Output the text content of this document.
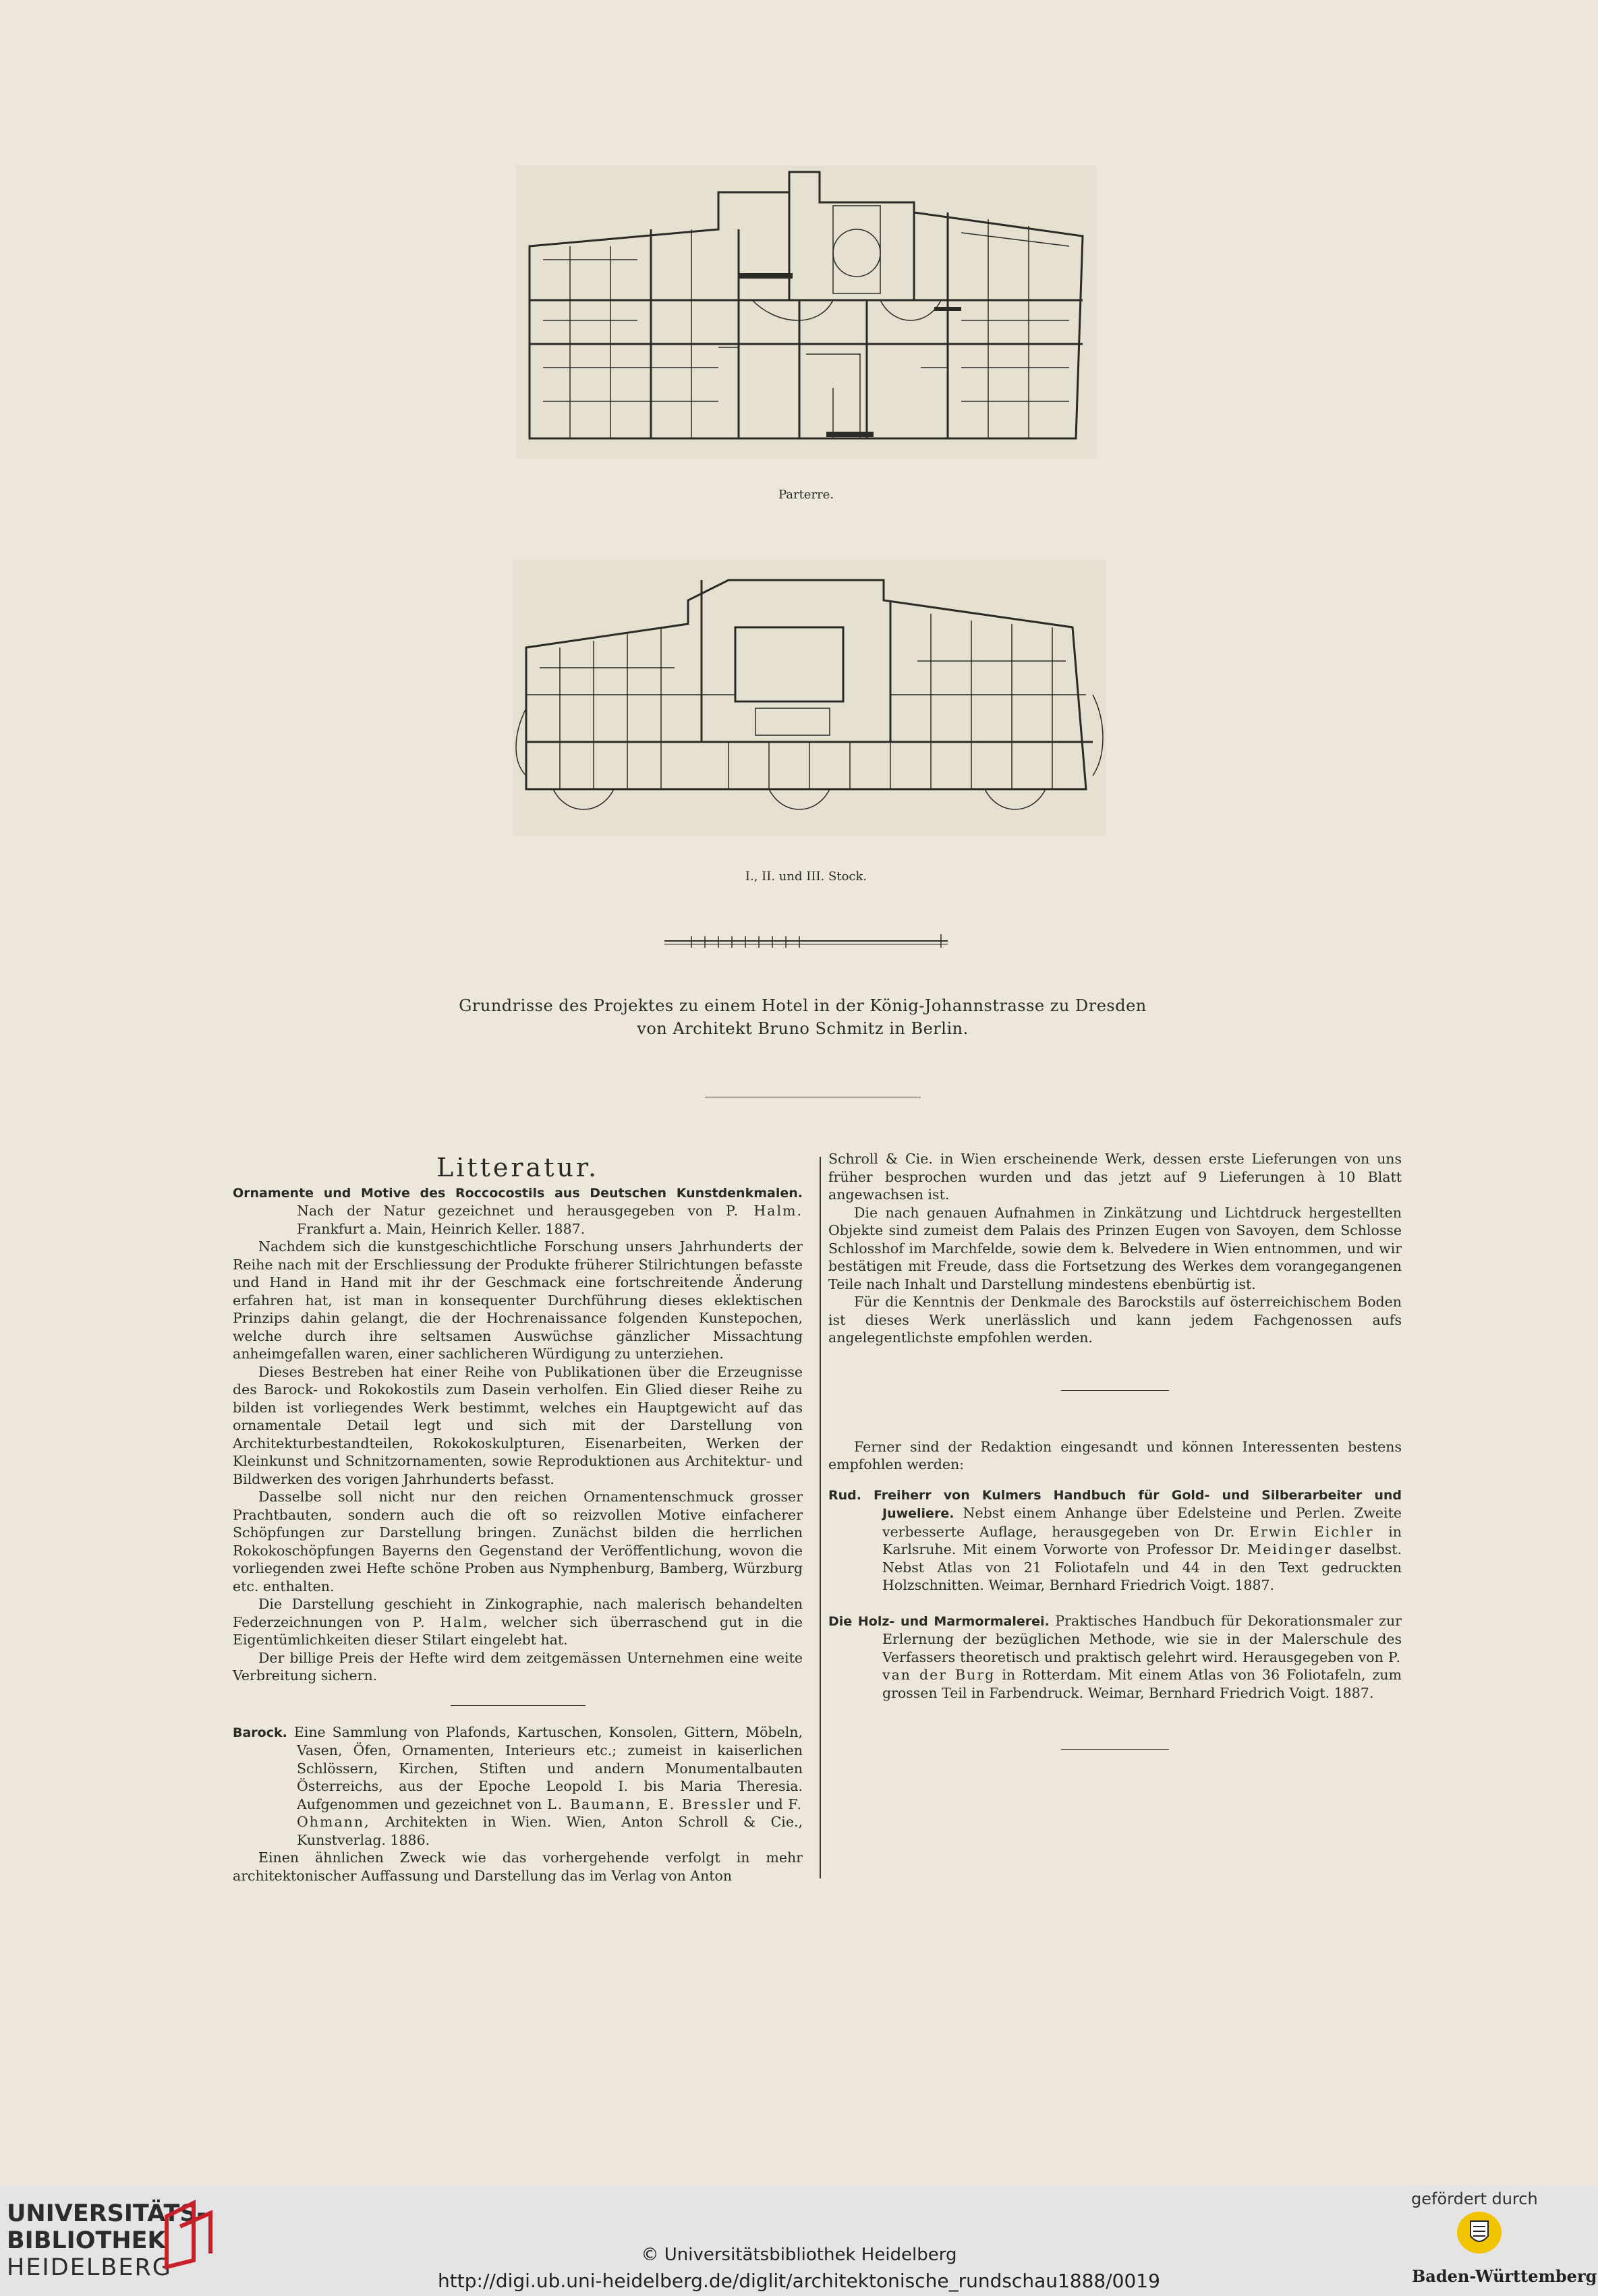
Parterre.
I., II. und III. Stock.
Grundrisse des Projektes zu einem Hotel in der König-Johannstrasse zu Dresden
von Architekt Bruno Schmitz in Berlin.
Litteratur.

Ornamente und Motive des Roccocostils aus Deutschen Kunstdenkmalen. Nach der Natur gezeichnet und herausgegeben von P. Halm. Frankfurt a. Main, Heinrich Keller. 1887.

Nachdem sich die kunstgeschichtliche Forschung unsers Jahrhunderts der Reihe nach mit der Erschliessung der Produkte früherer Stilrichtungen befasste und Hand in Hand mit ihr der Geschmack eine fortschreitende Änderung erfahren hat, ist man in konsequenter Durchführung dieses eklektischen Prinzips dahin gelangt, die der Hochrenaissance folgenden Kunstepochen, welche durch ihre seltsamen Auswüchse gänzlicher Missachtung anheimgefallen waren, einer sachlicheren Würdigung zu unterziehen.

Dieses Bestreben hat einer Reihe von Publikationen über die Erzeugnisse des Barock- und Rokokostils zum Dasein verholfen. Ein Glied dieser Reihe zu bilden ist vorliegendes Werk bestimmt, welches ein Hauptgewicht auf das ornamentale Detail legt und sich mit der Darstellung von Architekturbestandteilen, Rokokoskulpturen, Eisenarbeiten, Werken der Kleinkunst und Schnitzornamenten, sowie Reproduktionen aus Architektur- und Bildwerken des vorigen Jahrhunderts befasst.

Dasselbe soll nicht nur den reichen Ornamentenschmuck grosser Prachtbauten, sondern auch die oft so reizvollen Motive einfacherer Schöpfungen zur Darstellung bringen. Zunächst bilden die herrlichen Rokokoschöpfungen Bayerns den Gegenstand der Veröffentlichung, wovon die vorliegenden zwei Hefte schöne Proben aus Nymphenburg, Bamberg, Würzburg etc. enthalten.

Die Darstellung geschieht in Zinkographie, nach malerisch behandelten Federzeichnungen von P. Halm, welcher sich überraschend gut in die Eigentümlichkeiten dieser Stilart eingelebt hat.

Der billige Preis der Hefte wird dem zeitgemässen Unternehmen eine weite Verbreitung sichern.

Barock. Eine Sammlung von Plafonds, Kartuschen, Konsolen, Gittern, Möbeln, Vasen, Öfen, Ornamenten, Interieurs etc.; zumeist in kaiserlichen Schlössern, Kirchen, Stiften und andern Monumentalbauten Österreichs, aus der Epoche Leopold I. bis Maria Theresia. Aufgenommen und gezeichnet von L. Baumann, E. Bressler und F. Ohmann, Architekten in Wien. Wien, Anton Schroll & Cie., Kunstverlag. 1886.

Einen ähnlichen Zweck wie das vorhergehende verfolgt in mehr architektonischer Auffassung und Darstellung das im Verlag von Anton

Schroll & Cie. in Wien erscheinende Werk, dessen erste Lieferungen von uns früher besprochen wurden und das jetzt auf 9 Lieferungen à 10 Blatt angewachsen ist.

Die nach genauen Aufnahmen in Zinkätzung und Lichtdruck hergestellten Objekte sind zumeist dem Palais des Prinzen Eugen von Savoyen, dem Schlosse Schlosshof im Marchfelde, sowie dem k. Belvedere in Wien entnommen, und wir bestätigen mit Freude, dass die Fortsetzung des Werkes dem vorangegangenen Teile nach Inhalt und Darstellung mindestens ebenbürtig ist.

Für die Kenntnis der Denkmale des Barockstils auf österreichischem Boden ist dieses Werk unerlässlich und kann jedem Fachgenossen aufs angelegentlichste empfohlen werden.

Ferner sind der Redaktion eingesandt und können Interessenten bestens empfohlen werden:

Rud. Freiherr von Kulmers Handbuch für Gold- und Silberarbeiter und Juweliere. Nebst einem Anhange über Edelsteine und Perlen. Zweite verbesserte Auflage, herausgegeben von Dr. Erwin Eichler in Karlsruhe. Mit einem Vorworte von Professor Dr. Meidinger daselbst. Nebst Atlas von 21 Foliotafeln und 44 in den Text gedruckten Holzschnitten. Weimar, Bernhard Friedrich Voigt. 1887.

Die Holz- und Marmormalerei. Praktisches Handbuch für Dekorationsmaler zur Erlernung der bezüglichen Methode, wie sie in der Malerschule des Verfassers theoretisch und praktisch gelehrt wird. Herausgegeben von P. van der Burg in Rotterdam. Mit einem Atlas von 36 Foliotafeln, zum grossen Teil in Farbendruck. Weimar, Bernhard Friedrich Voigt. 1887.

UNIVERSITÄTS-
BIBLIOTHEK
HEIDELBERG	© Universitätsbibliothek Heidelberg
http://digi.ub.uni-heidelberg.de/diglit/architektonische_rundschau1888/0019
gefördert durch
Baden-Württemberg
